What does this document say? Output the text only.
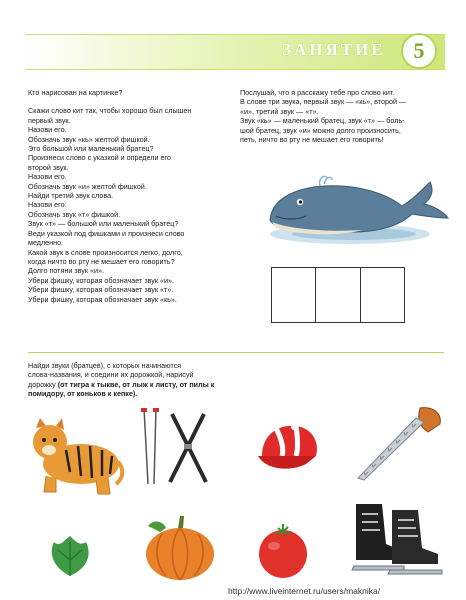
ЗАНЯТИЕ 5

Кто нарисован на картинке?

Скажи слово кит так, чтобы хорошо был слышен

первый звук.

Назови его.

Обозначь звук «кь» желтой фишкой.

Это большой или маленький братец?

Произнеси слово с указкой и определи его

второй звук.

Назови его.

Обозначь звук «и» желтой фишкой.

Найди третий звук слова.

Назови его.

Обозначь звук «т» фишкой.

Звук «т» — большой или маленький братец?

Веди указкой под фишками и произнеси слово

медленно.

Какой звук в слове произносится легко, долго,

когда ничто во рту не мешает его говорить?

Долго потяни звук «и».

Убери фишку, которая обозначает звук «и».

Убери фишку, которая обозначает звук «т».

Убери фишку, которая обозначает звук «кь».

Послушай, что я расскажу тебе про слово кит.

В слове три звука, первый звук — «кь», второй —

«и», третий звук — «т».

Звук «кь» — маленький братец, звук «т» — боль-

шой братец, звук «и» можно долго произносить,

петь, ничто во рту не мешает его говорить!

Найди звуки (братцев), с которых начинаются

слова-названия, и соедини их дорожкой, нарисуй

дорожку (от тигра к тыкве, от лыж к листу, от пилы к

помидору, от коньков к кепке).

http://www.liveinternet.ru/users/maknika/
